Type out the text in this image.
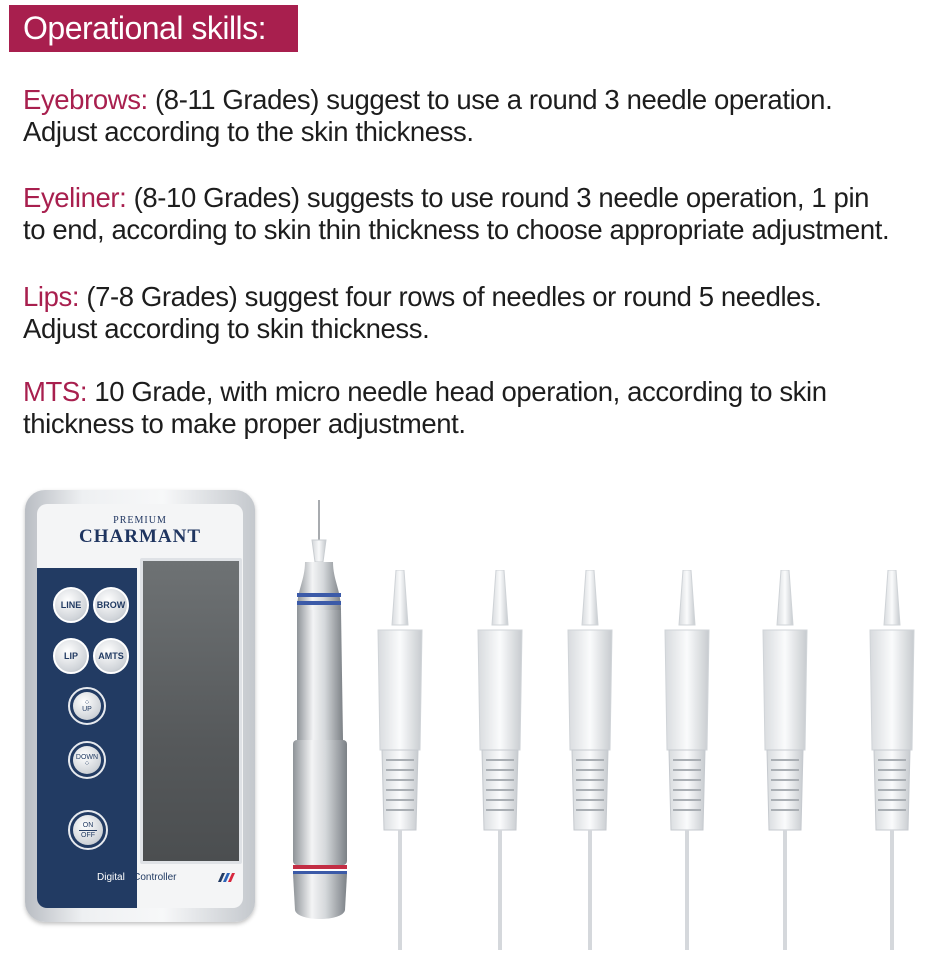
Operational skills:
Eyebrows: (8-11 Grades) suggest to use a round 3 needle operation.
Adjust according to the skin thickness.
Eyeliner: (8-10 Grades) suggests to use round 3 needle operation, 1 pin
to end, according to skin thin thickness to choose appropriate adjustment.
Lips: (7-8 Grades) suggest four rows of needles or round 5 needles.
Adjust according to skin thickness.
MTS: 10 Grade, with micro needle head operation, according to skin
thickness to make proper adjustment.
PREMIUM
CHARMANT
LINE	BROW
LIP	AMTS
⁘
UP
DOWN
⁘
ON
OFF
Digital Controller
